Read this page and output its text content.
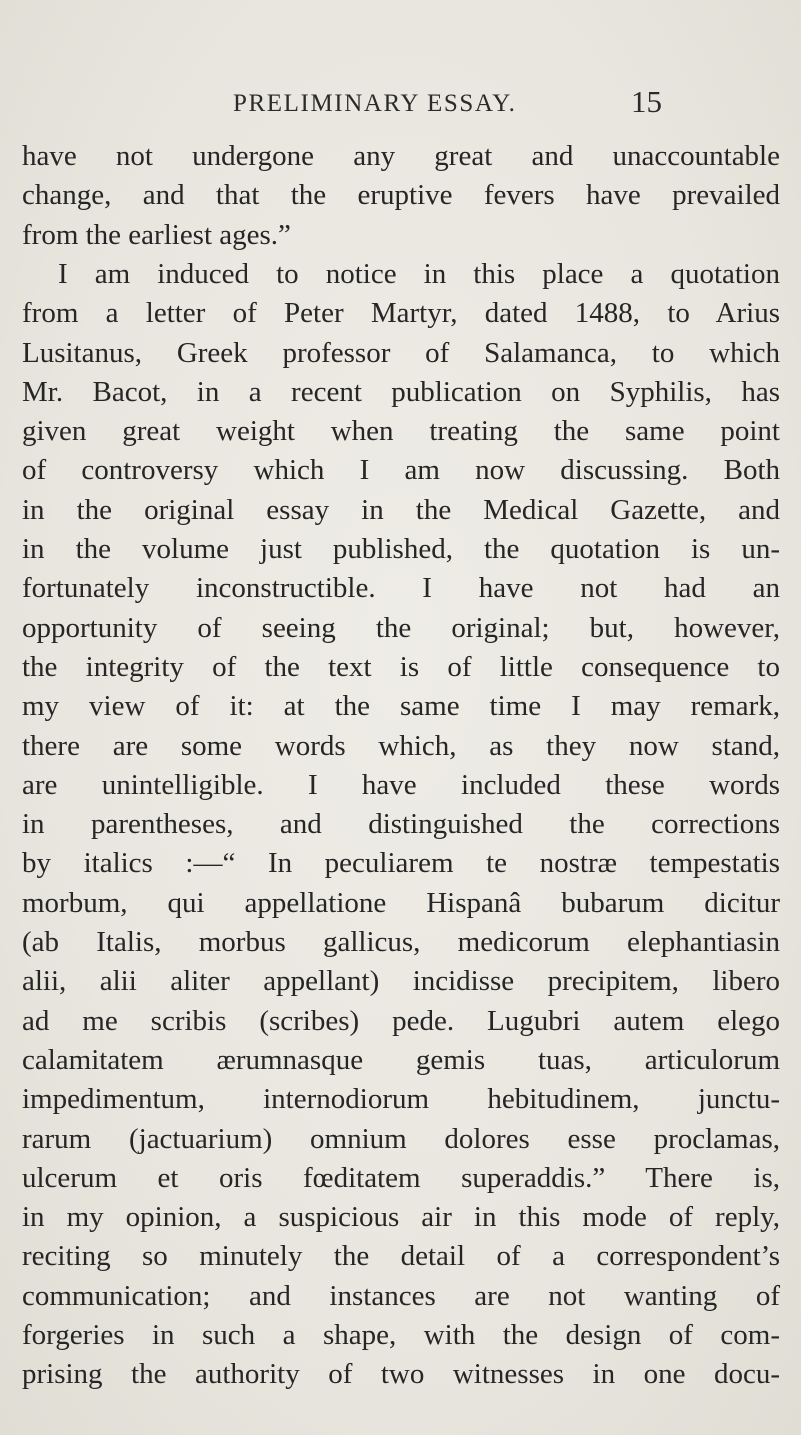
PRELIMINARY ESSAY.	15
have not undergone any great and unaccountable
change, and that the eruptive fevers have prevailed
from the earliest ages.”
I am induced to notice in this place a quotation
from a letter of Peter Martyr, dated 1488, to Arius
Lusitanus, Greek professor of Salamanca, to which
Mr. Bacot, in a recent publication on Syphilis, has
given great weight when treating the same point
of controversy which I am now discussing. Both
in the original essay in the Medical Gazette, and
in the volume just published, the quotation is un-
fortunately inconstructible. I have not had an
opportunity of seeing the original; but, however,
the integrity of the text is of little consequence to
my view of it: at the same time I may remark,
there are some words which, as they now stand,
are unintelligible. I have included these words
in parentheses, and distinguished the corrections
by italics :—“ In peculiarem te nostræ tempestatis
morbum, qui appellatione Hispanâ bubarum dicitur
(ab Italis, morbus gallicus, medicorum elephantiasin
alii, alii aliter appellant) incidisse precipitem, libero
ad me scribis (scribes) pede. Lugubri autem elego
calamitatem ærumnasque gemis tuas, articulorum
impedimentum, internodiorum hebitudinem, junctu-
rarum (jactuarium) omnium dolores esse proclamas,
ulcerum et oris fœditatem superaddis.” There is,
in my opinion, a suspicious air in this mode of reply,
reciting so minutely the detail of a correspondent’s
communication; and instances are not wanting of
forgeries in such a shape, with the design of com-
prising the authority of two witnesses in one docu-
